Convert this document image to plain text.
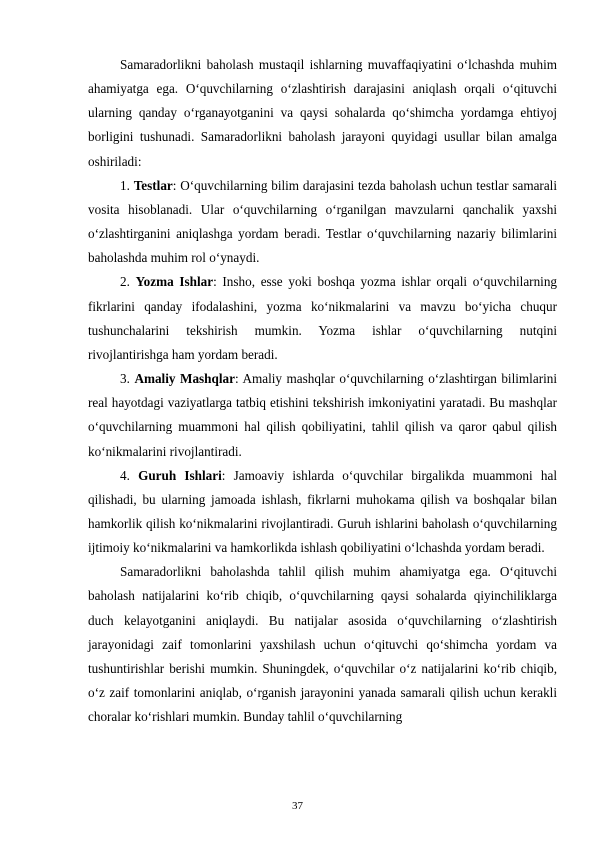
Samaradorlikni baholash mustaqil ishlarning muvaffaqiyatini o‘lchashda muhim ahamiyatga ega. O‘quvchilarning o‘zlashtirish darajasini aniqlash orqali o‘qituvchi ularning qanday o‘rganayotganini va qaysi sohalarda qo‘shimcha yordamga ehtiyoj borligini tushunadi. Samaradorlikni baholash jarayoni quyidagi usullar bilan amalga oshiriladi:

1. Testlar: O‘quvchilarning bilim darajasini tezda baholash uchun testlar samarali vosita hisoblanadi. Ular o‘quvchilarning o‘rganilgan mavzularni qanchalik yaxshi o‘zlashtirganini aniqlashga yordam beradi. Testlar o‘quvchilarning nazariy bilimlarini baholashda muhim rol o‘ynaydi.

2. Yozma Ishlar: Insho, esse yoki boshqa yozma ishlar orqali o‘quvchilarning fikrlarini qanday ifodalashini, yozma ko‘nikmalarini va mavzu bo‘yicha chuqur tushunchalarini tekshirish mumkin. Yozma ishlar o‘quvchilarning nutqini rivojlantirishga ham yordam beradi.

3. Amaliy Mashqlar: Amaliy mashqlar o‘quvchilarning o‘zlashtirgan bilimlarini real hayotdagi vaziyatlarga tatbiq etishini tekshirish imkoniyatini yaratadi. Bu mashqlar o‘quvchilarning muammoni hal qilish qobiliyatini, tahlil qilish va qaror qabul qilish ko‘nikmalarini rivojlantiradi.

4. Guruh Ishlari: Jamoaviy ishlarda o‘quvchilar birgalikda muammoni hal qilishadi, bu ularning jamoada ishlash, fikrlarni muhokama qilish va boshqalar bilan hamkorlik qilish ko‘nikmalarini rivojlantiradi. Guruh ishlarini baholash o‘quvchilarning ijtimoiy ko‘nikmalarini va hamkorlikda ishlash qobiliyatini o‘lchashda yordam beradi.

Samaradorlikni baholashda tahlil qilish muhim ahamiyatga ega. O‘qituvchi baholash natijalarini ko‘rib chiqib, o‘quvchilarning qaysi sohalarda qiyinchiliklarga duch kelayotganini aniqlaydi. Bu natijalar asosida o‘quvchilarning o‘zlashtirish jarayonidagi zaif tomonlarini yaxshilash uchun o‘qituvchi qo‘shimcha yordam va tushuntirishlar berishi mumkin. Shuningdek, o‘quvchilar o‘z natijalarini ko‘rib chiqib, o‘z zaif tomonlarini aniqlab, o‘rganish jarayonini yanada samarali qilish uchun kerakli choralar ko‘rishlari mumkin. Bunday tahlil o‘quvchilarning

37
